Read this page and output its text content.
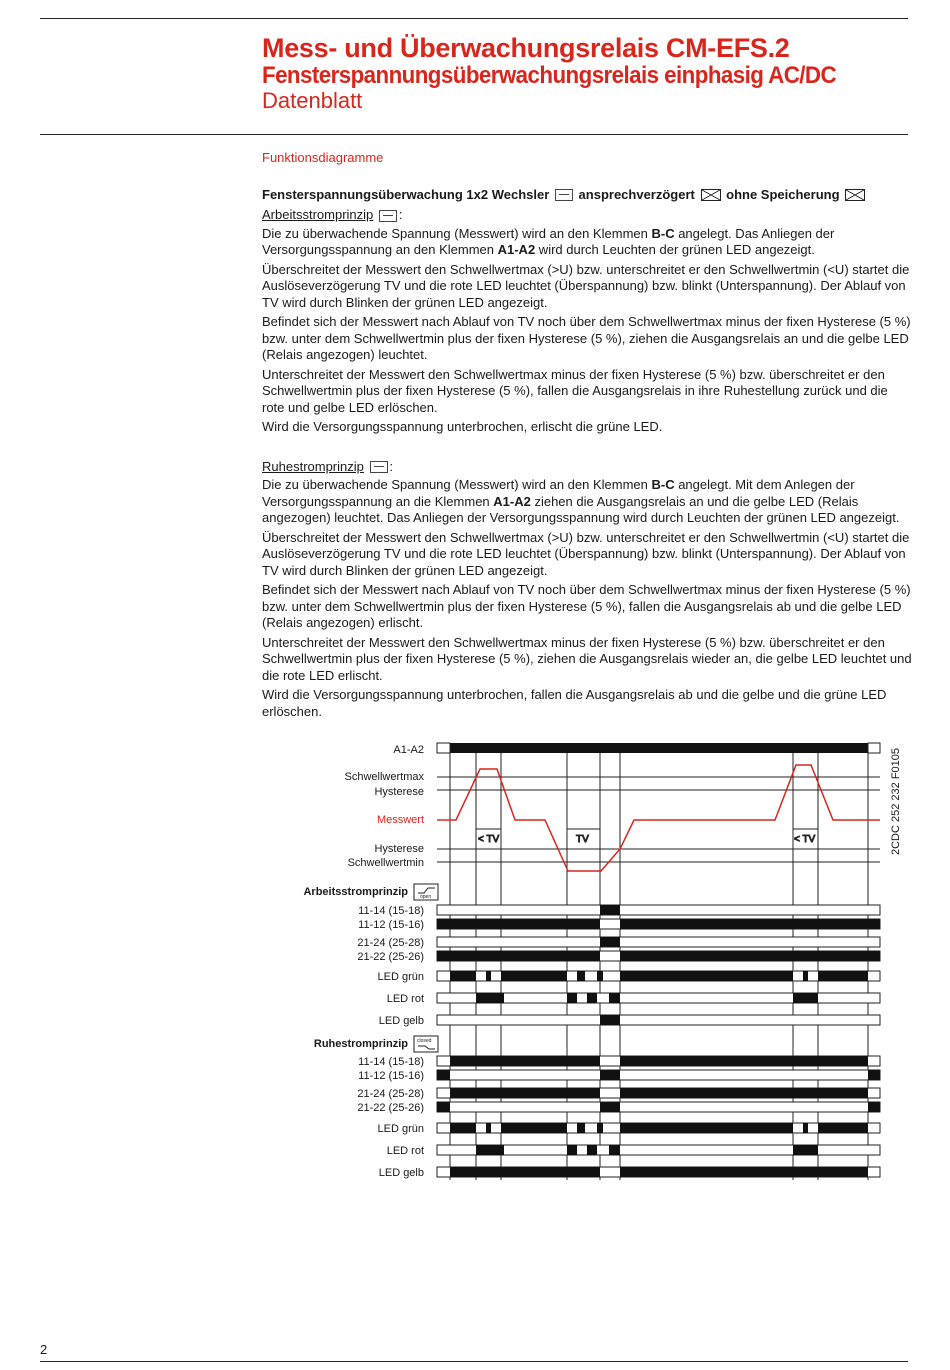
Mess- und Überwachungsrelais CM-EFS.2
Fensterspannungsüberwachungsrelais einphasig AC/DC
Datenblatt
Funktionsdiagramme
Fensterspannungsüberwachung 1x2 Wechsler ansprechverzögert ohne Speicherung
Arbeitsstromprinzip :

Die zu überwachende Spannung (Messwert) wird an den Klemmen B-C angelegt. Das Anliegen der Versorgungsspannung an den Klemmen A1-A2 wird durch Leuchten der grünen LED angezeigt.

Überschreitet der Messwert den Schwellwertmax (>U) bzw. unterschreitet er den Schwellwertmin (<U) startet die Auslöseverzögerung TV und die rote LED leuchtet (Überspannung) bzw. blinkt (Unterspannung). Der Ablauf von TV wird durch Blinken der grünen LED angezeigt.

Befindet sich der Messwert nach Ablauf von TV noch über dem Schwellwertmax minus der fixen Hysterese (5 %) bzw. unter dem Schwellwertmin plus der fixen Hysterese (5 %), ziehen die Ausgangsrelais an und die gelbe LED (Relais angezogen) leuchtet.

Unterschreitet der Messwert den Schwellwertmax minus der fixen Hysterese (5 %) bzw. überschreitet er den Schwellwertmin plus der fixen Hysterese (5 %), fallen die Ausgangsrelais in ihre Ruhestellung zurück und die rote und gelbe LED erlöschen.

Wird die Versorgungsspannung unterbrochen, erlischt die grüne LED.

Ruhestromprinzip :

Die zu überwachende Spannung (Messwert) wird an den Klemmen B-C angelegt. Mit dem Anlegen der Versorgungsspannung an die Klemmen A1-A2 ziehen die Ausgangsrelais an und die gelbe LED (Relais angezogen) leuchtet. Das Anliegen der Versorgungsspannung wird durch Leuchten der grünen LED angezeigt.

Überschreitet der Messwert den Schwellwertmax (>U) bzw. unterschreitet er den Schwellwertmin (<U) startet die Auslöseverzögerung TV und die rote LED leuchtet (Überspannung) bzw. blinkt (Unterspannung). Der Ablauf von TV wird durch Blinken der grünen LED angezeigt.

Befindet sich der Messwert nach Ablauf von TV noch über dem Schwellwertmax minus der fixen Hysterese (5 %) bzw. unter dem Schwellwertmin plus der fixen Hysterese (5 %), fallen die Ausgangsrelais ab und die gelbe LED (Relais angezogen) erlischt.

Unterschreitet der Messwert den Schwellwertmax minus der fixen Hysterese (5 %) bzw. überschreitet er den Schwellwertmin plus der fixen Hysterese (5 %), ziehen die Ausgangsrelais wieder an, die gelbe LED leuchtet und die rote LED erlischt.

Wird die Versorgungsspannung unterbrochen, fallen die Ausgangsrelais ab und die gelbe und die grüne LED erlöschen.

A1-A2
Schwellwertmax
Hysterese
Messwert
Hysterese
Schwellwertmin
Arbeitsstromprinzip
Ruhestromprinzip
11-14 (15-18)
11-12 (15-16)
21-24 (25-28)
21-22 (25-26)
LED grün
LED rot
LED gelb
11-14 (15-18)
11-12 (15-16)
21-24 (25-28)
21-22 (25-26)
LED grün
LED rot
LED gelb
open
closed
< TV	TV	< TV	2CDC 252 232 F0105
2
